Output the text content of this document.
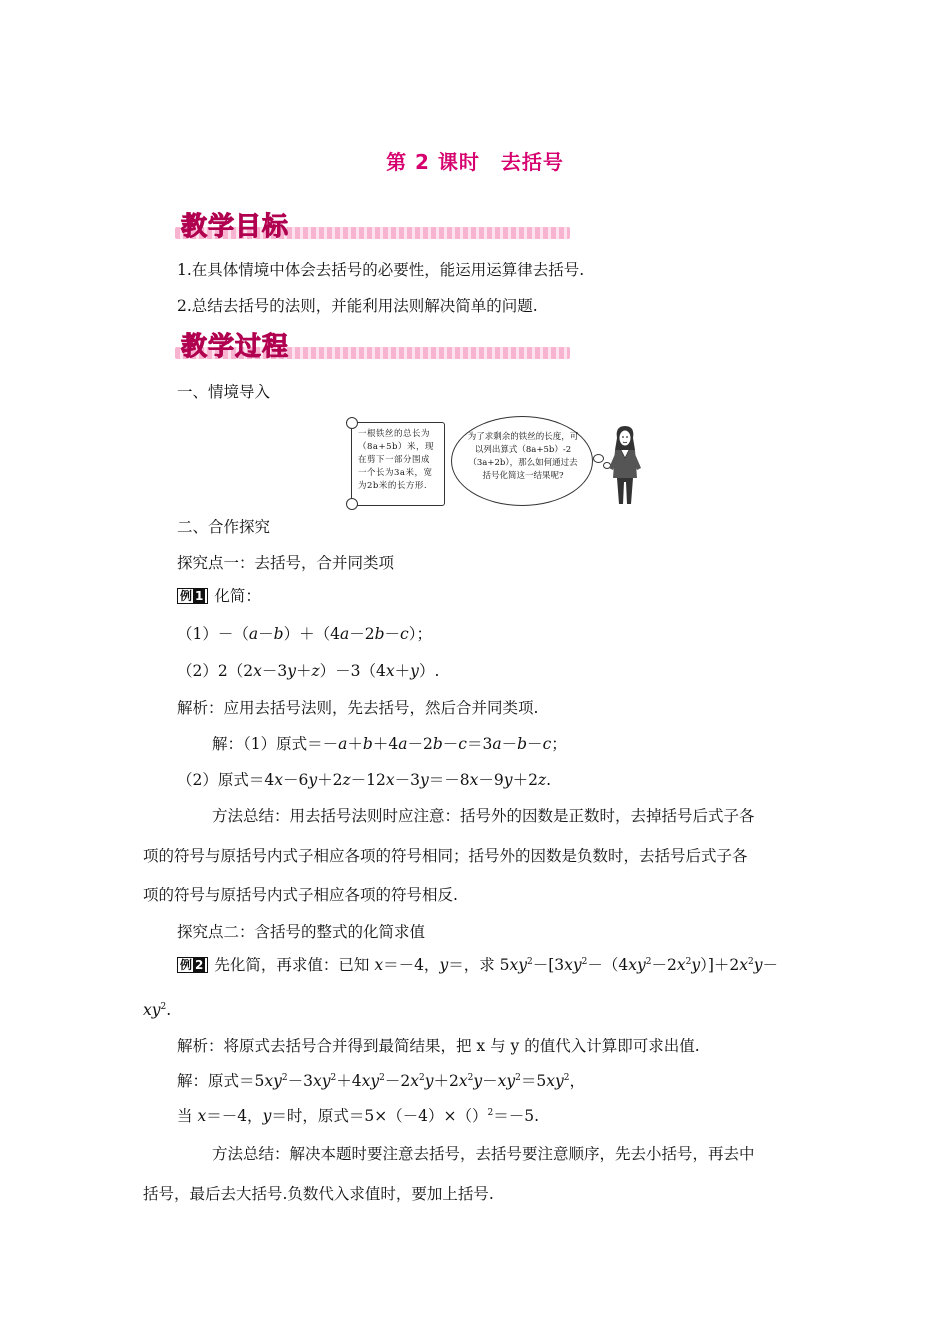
第 2 课时　去括号
教学目标
1.在具体情境中体会去括号的必要性，能运用运算律去括号.
2.总结去括号的法则，并能利用法则解决简单的问题.
教学过程
一、情境导入
一根铁丝的总长为（8a+5b）米，现在剪下一部分围成一个长为3a米，宽为2b米的长方形.
为了求剩余的铁丝的长度，可以列出算式（8a+5b）-2（3a+2b），那么如何通过去括号化简这一结果呢?
二、合作探究
探究点一：去括号，合并同类项
例 1 化简：
（1）－（a－b）＋（4a－2b－c）；
（2）2（2x－3y＋z）－3（4x＋y）.
解析：应用去括号法则，先去括号，然后合并同类项.
解：（1）原式＝－a＋b＋4a－2b－c＝3a－b－c；
（2）原式＝4x－6y＋2z－12x－3y＝－8x－9y＋2z.
方法总结：用去括号法则时应注意：括号外的因数是正数时，去掉括号后式子各
项的符号与原括号内式子相应各项的符号相同；括号外的因数是负数时，去括号后式子各
项的符号与原括号内式子相应各项的符号相反.
探究点二：含括号的整式的化简求值
例 2 先化简，再求值：已知 x＝－4，y＝，求 $5xy^2-[3xy^2-(4xy^2-2x^2y)]+2x^2y-$
$xy^2$.
解析：将原式去括号合并得到最简结果，把 x 与 y 的值代入计算即可求出值.
解：原式$=5xy^2-3xy^2+4xy^2-2x^2y+2x^2y-xy^2=5xy^2$，
当 x＝－4，y＝时，原式＝5×（－4）×（）$^2$＝－5.
方法总结：解决本题时要注意去括号，去括号要注意顺序，先去小括号，再去中
括号，最后去大括号.负数代入求值时，要加上括号.
